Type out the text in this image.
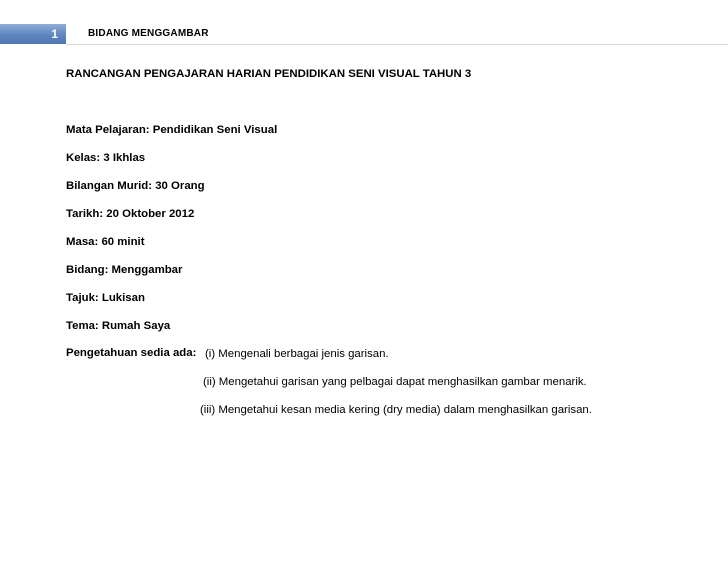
1	BIDANG MENGGAMBAR
RANCANGAN PENGAJARAN HARIAN PENDIDIKAN SENI VISUAL TAHUN 3
Mata Pelajaran: Pendidikan Seni Visual
Kelas: 3 Ikhlas
Bilangan Murid: 30 Orang
Tarikh: 20 Oktober 2012
Masa: 60 minit
Bidang: Menggambar
Tajuk: Lukisan
Tema: Rumah Saya
Pengetahuan sedia ada: (i) Mengenali berbagai jenis garisan.
(ii) Mengetahui garisan yang pelbagai dapat menghasilkan gambar menarik.
(iii) Mengetahui kesan media kering (dry media) dalam menghasilkan garisan.
